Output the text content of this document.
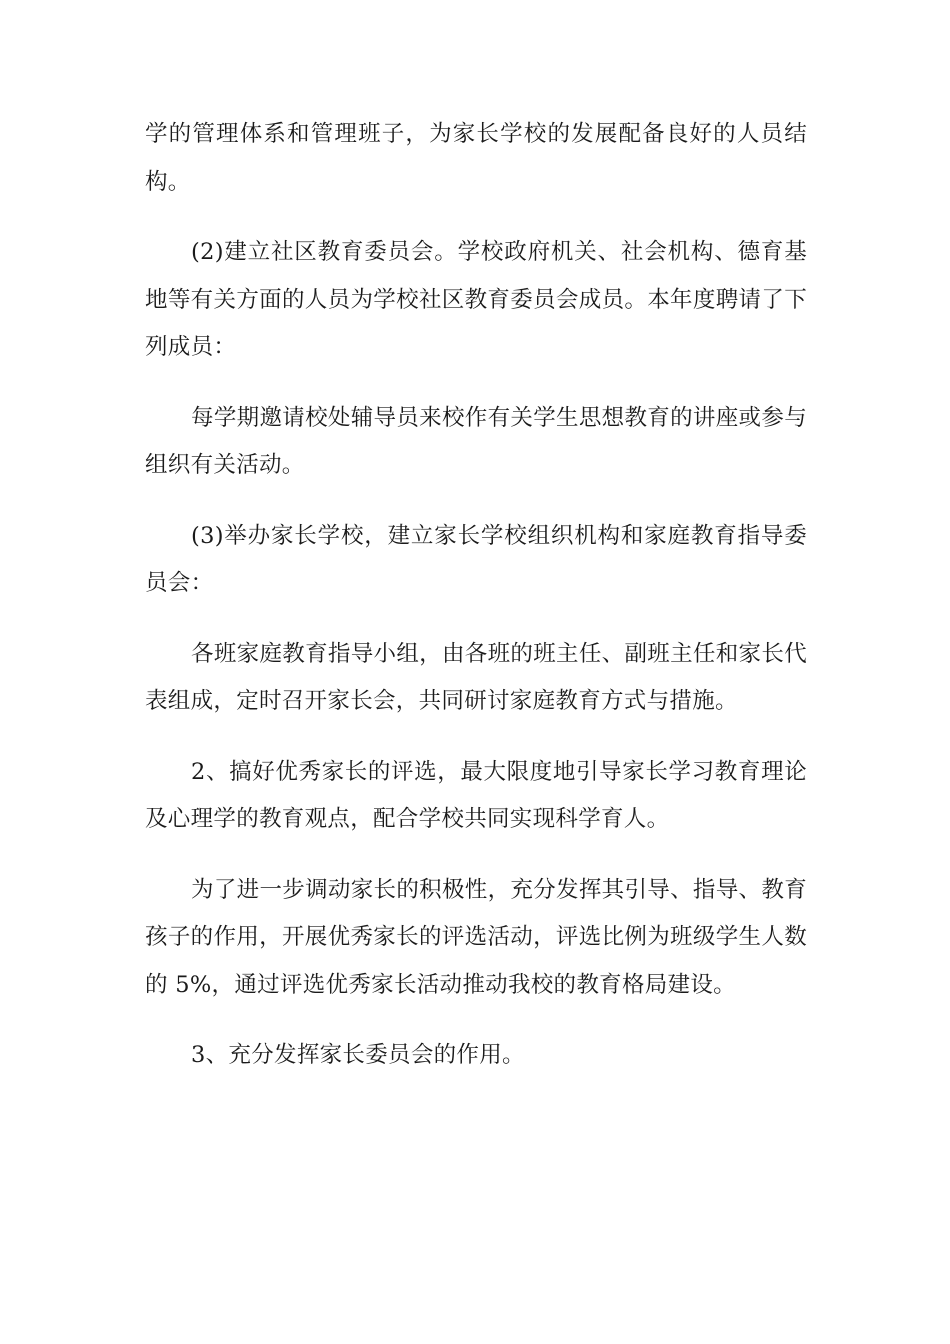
学的管理体系和管理班子，为家长学校的发展配备良好的人员结构。

(2)建立社区教育委员会。学校政府机关、社会机构、德育基地等有关方面的人员为学校社区教育委员会成员。本年度聘请了下列成员：

每学期邀请校处辅导员来校作有关学生思想教育的讲座或参与组织有关活动。

(3)举办家长学校，建立家长学校组织机构和家庭教育指导委员会：

各班家庭教育指导小组，由各班的班主任、副班主任和家长代表组成，定时召开家长会，共同研讨家庭教育方式与措施。

2、搞好优秀家长的评选，最大限度地引导家长学习教育理论及心理学的教育观点，配合学校共同实现科学育人。

为了进一步调动家长的积极性，充分发挥其引导、指导、教育孩子的作用，开展优秀家长的评选活动，评选比例为班级学生人数的 5%，通过评选优秀家长活动推动我校的教育格局建设。

3、充分发挥家长委员会的作用。
